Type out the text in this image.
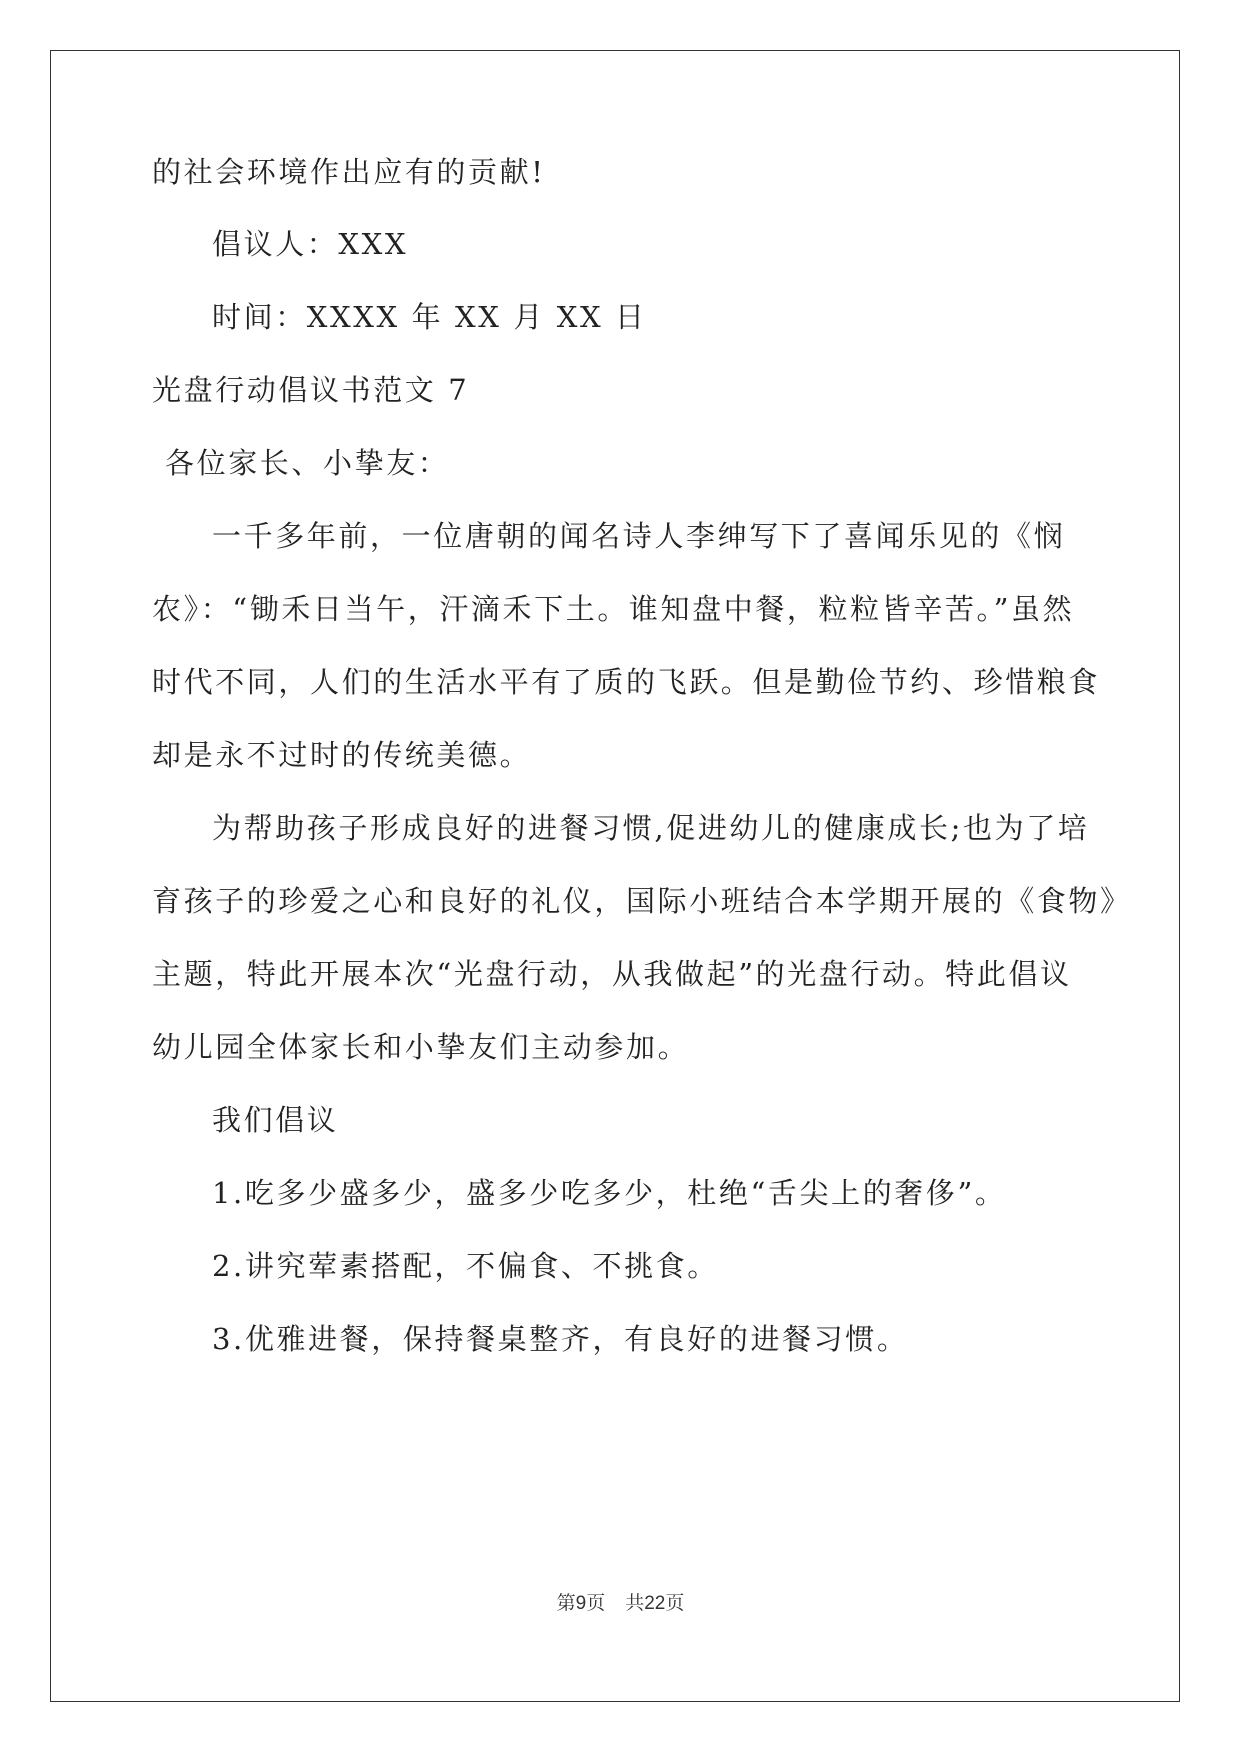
的社会环境作出应有的贡献!
倡议人：XXX
时间：XXXX 年 XX 月 XX 日
光盘行动倡议书范文 7
各位家长、小挚友：
一千多年前，一位唐朝的闻名诗人李绅写下了喜闻乐见的《悯
农》：“锄禾日当午，汗滴禾下土。谁知盘中餐，粒粒皆辛苦。”虽然
时代不同，人们的生活水平有了质的飞跃。但是勤俭节约、珍惜粮食
却是永不过时的传统美德。
为帮助孩子形成良好的进餐习惯,促进幼儿的健康成长;也为了培
育孩子的珍爱之心和良好的礼仪，国际小班结合本学期开展的《食物》
主题，特此开展本次“光盘行动，从我做起”的光盘行动。特此倡议
幼儿园全体家长和小挚友们主动参加。
我们倡议
1.吃多少盛多少，盛多少吃多少，杜绝“舌尖上的奢侈”。
2.讲究荤素搭配，不偏食、不挑食。
3.优雅进餐，保持餐桌整齐，有良好的进餐习惯。
第9页 共22页
